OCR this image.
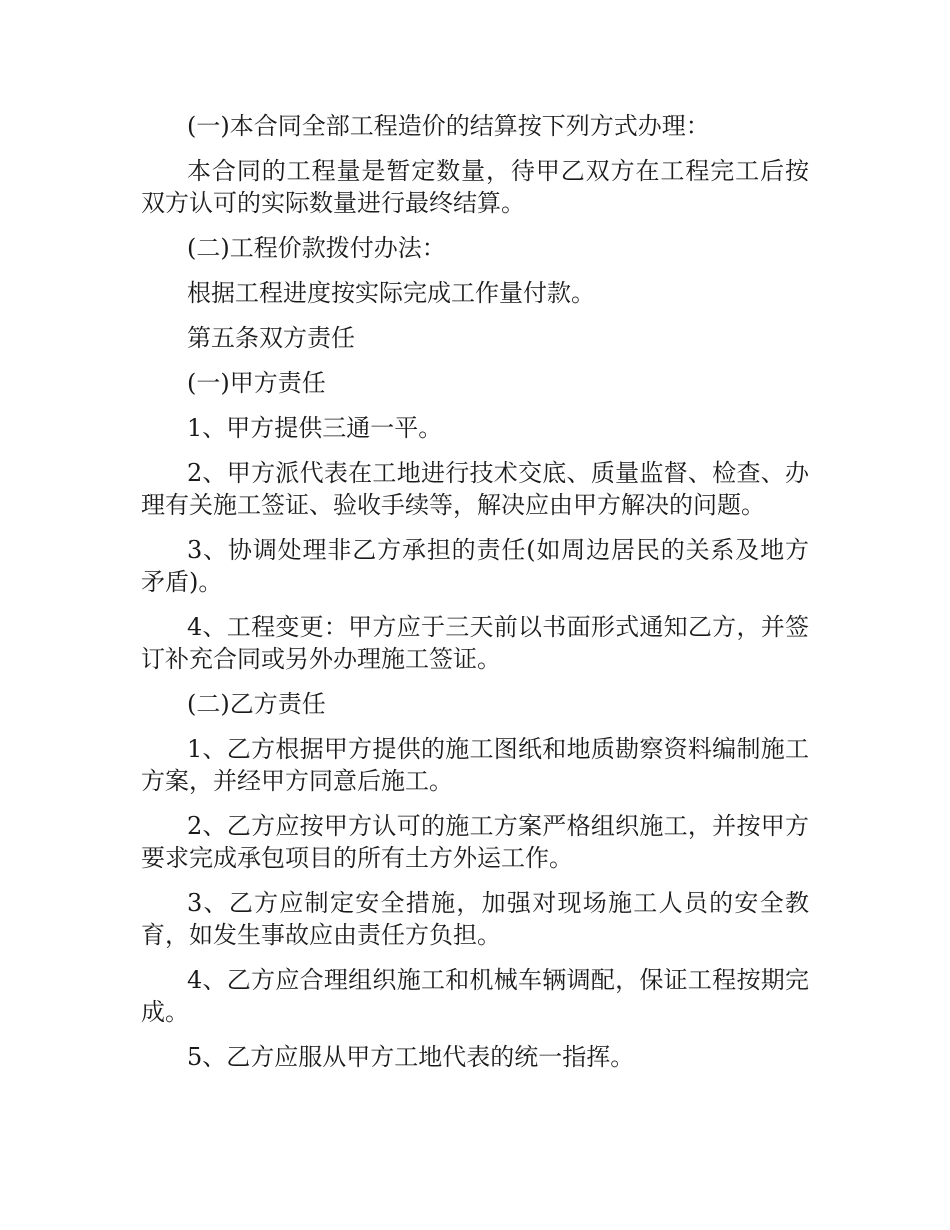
(一)本合同全部工程造价的结算按下列方式办理：

本合同的工程量是暂定数量，待甲乙双方在工程完工后按双方认可的实际数量进行最终结算。

(二)工程价款拨付办法：

根据工程进度按实际完成工作量付款。

第五条双方责任

(一)甲方责任

1、甲方提供三通一平。

2、甲方派代表在工地进行技术交底、质量监督、检查、办理有关施工签证、验收手续等，解决应由甲方解决的问题。

3、协调处理非乙方承担的责任(如周边居民的关系及地方矛盾)。

4、工程变更：甲方应于三天前以书面形式通知乙方，并签订补充合同或另外办理施工签证。

(二)乙方责任

1、乙方根据甲方提供的施工图纸和地质勘察资料编制施工方案，并经甲方同意后施工。

2、乙方应按甲方认可的施工方案严格组织施工，并按甲方要求完成承包项目的所有土方外运工作。

3、乙方应制定安全措施，加强对现场施工人员的安全教育，如发生事故应由责任方负担。

4、乙方应合理组织施工和机械车辆调配，保证工程按期完成。

5、乙方应服从甲方工地代表的统一指挥。
